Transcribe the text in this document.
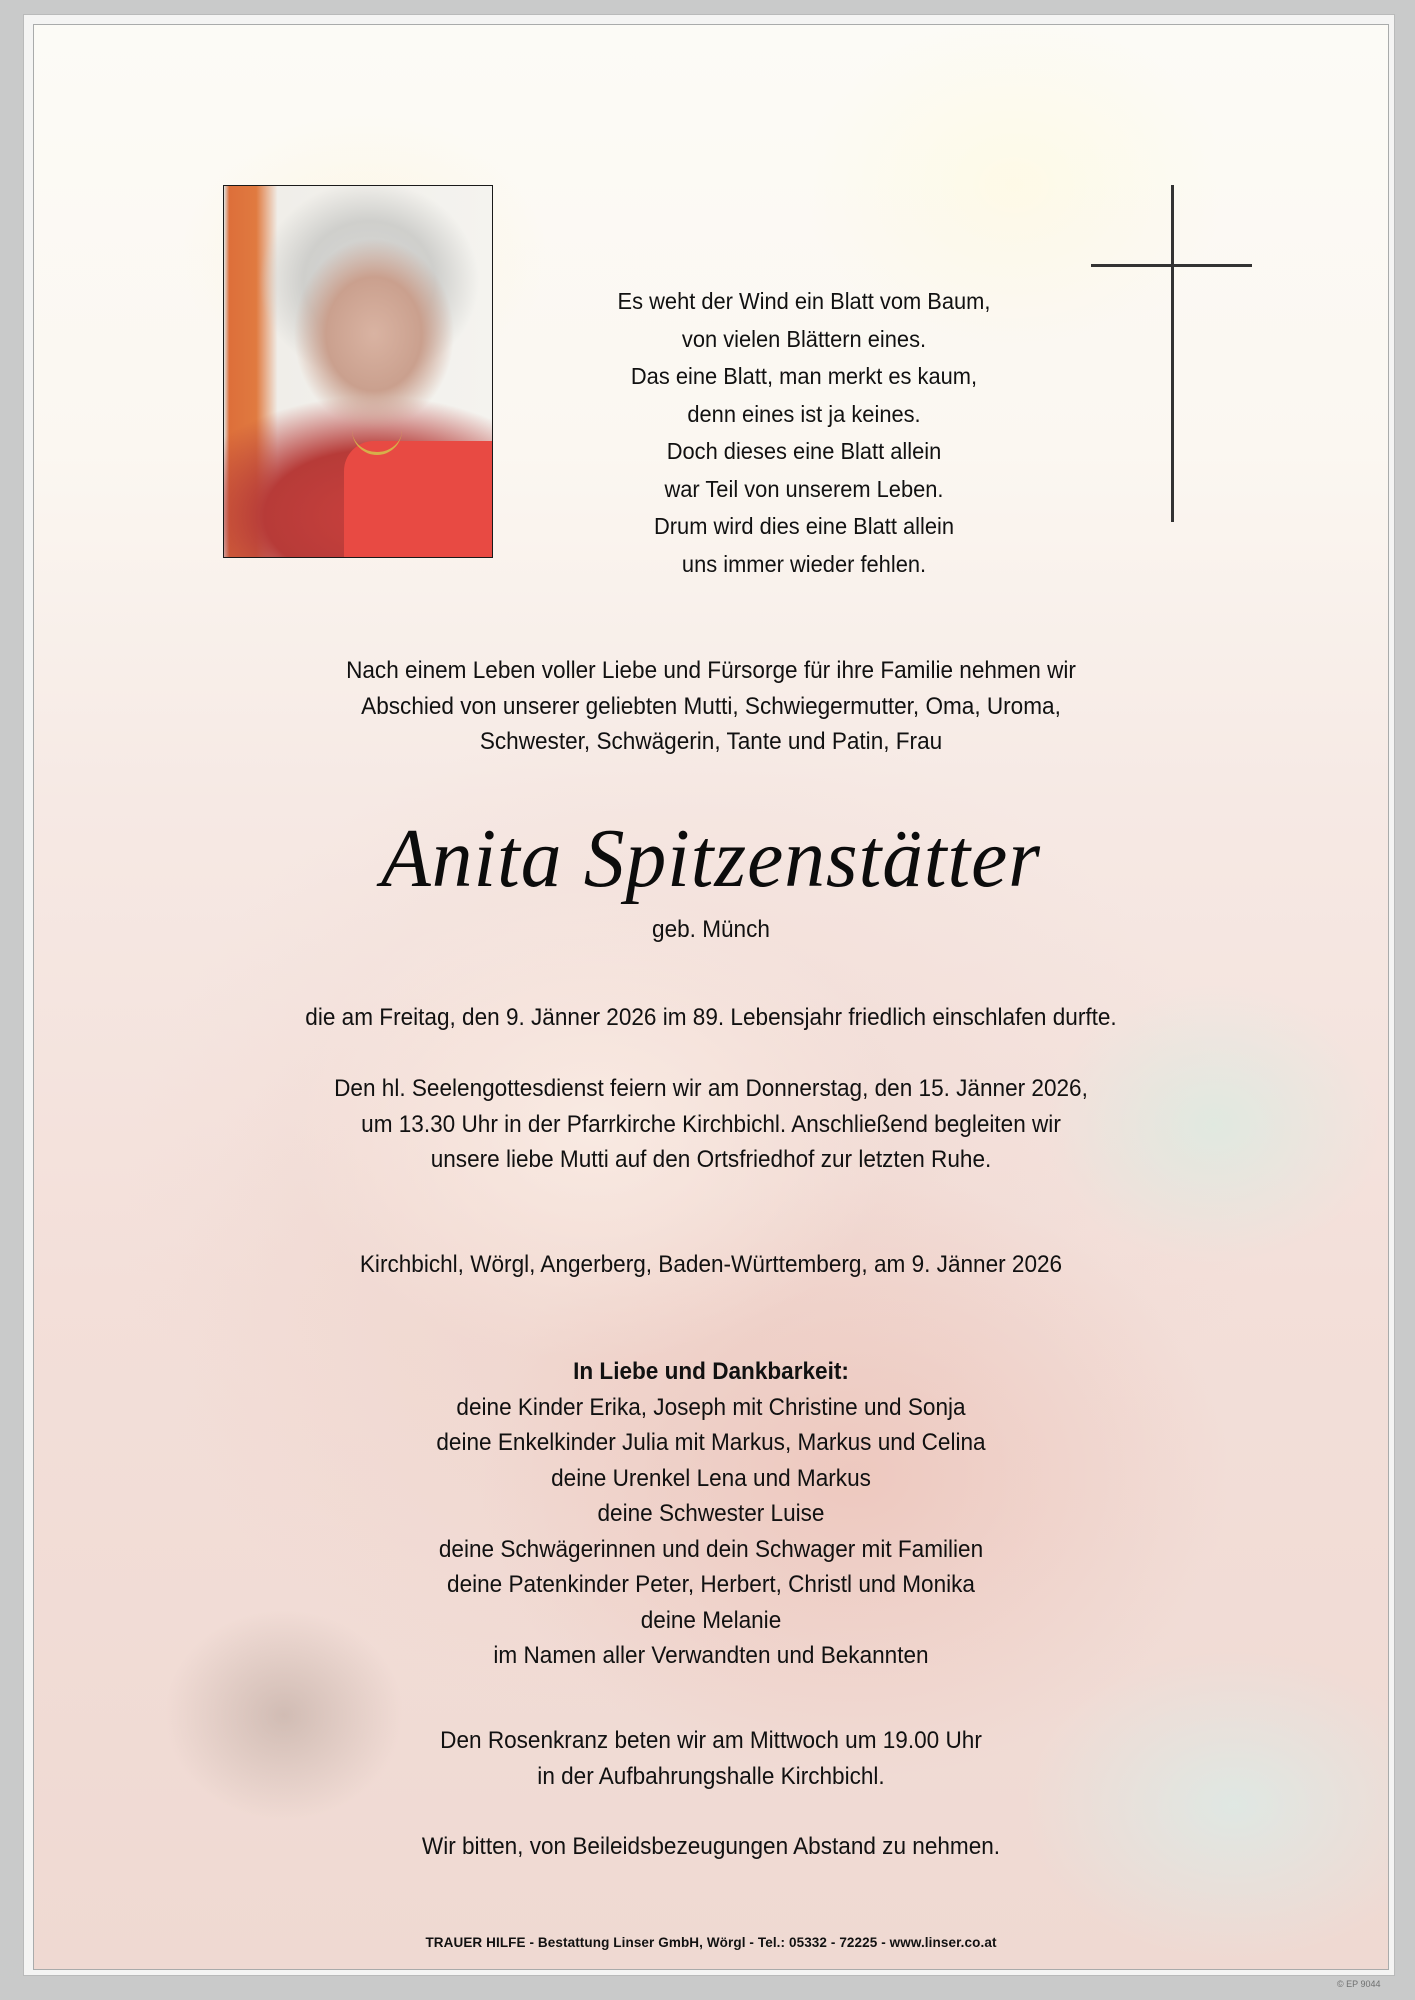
Es weht der Wind ein Blatt vom Baum,
von vielen Blättern eines.
Das eine Blatt, man merkt es kaum,
denn eines ist ja keines.
Doch dieses eine Blatt allein
war Teil von unserem Leben.
Drum wird dies eine Blatt allein
uns immer wieder fehlen.
Nach einem Leben voller Liebe und Fürsorge für ihre Familie nehmen wir
Abschied von unserer geliebten Mutti, Schwiegermutter, Oma, Uroma,
Schwester, Schwägerin, Tante und Patin, Frau
Anita Spitzenstätter
geb. Münch
die am Freitag, den 9. Jänner 2026 im 89. Lebensjahr friedlich einschlafen durfte.
Den hl. Seelengottesdienst feiern wir am Donnerstag, den 15. Jänner 2026,
um 13.30 Uhr in der Pfarrkirche Kirchbichl. Anschließend begleiten wir
unsere liebe Mutti auf den Ortsfriedhof zur letzten Ruhe.
Kirchbichl, Wörgl, Angerberg, Baden-Württemberg, am 9. Jänner 2026
In Liebe und Dankbarkeit:
deine Kinder Erika, Joseph mit Christine und Sonja
deine Enkelkinder Julia mit Markus, Markus und Celina
deine Urenkel Lena und Markus
deine Schwester Luise
deine Schwägerinnen und dein Schwager mit Familien
deine Patenkinder Peter, Herbert, Christl und Monika
deine Melanie
im Namen aller Verwandten und Bekannten
Den Rosenkranz beten wir am Mittwoch um 19.00 Uhr
in der Aufbahrungshalle Kirchbichl.
Wir bitten, von Beileidsbezeugungen Abstand zu nehmen.
TRAUER HILFE - Bestattung Linser GmbH, Wörgl - Tel.: 05332 - 72225 - www.linser.co.at
© EP 9044
